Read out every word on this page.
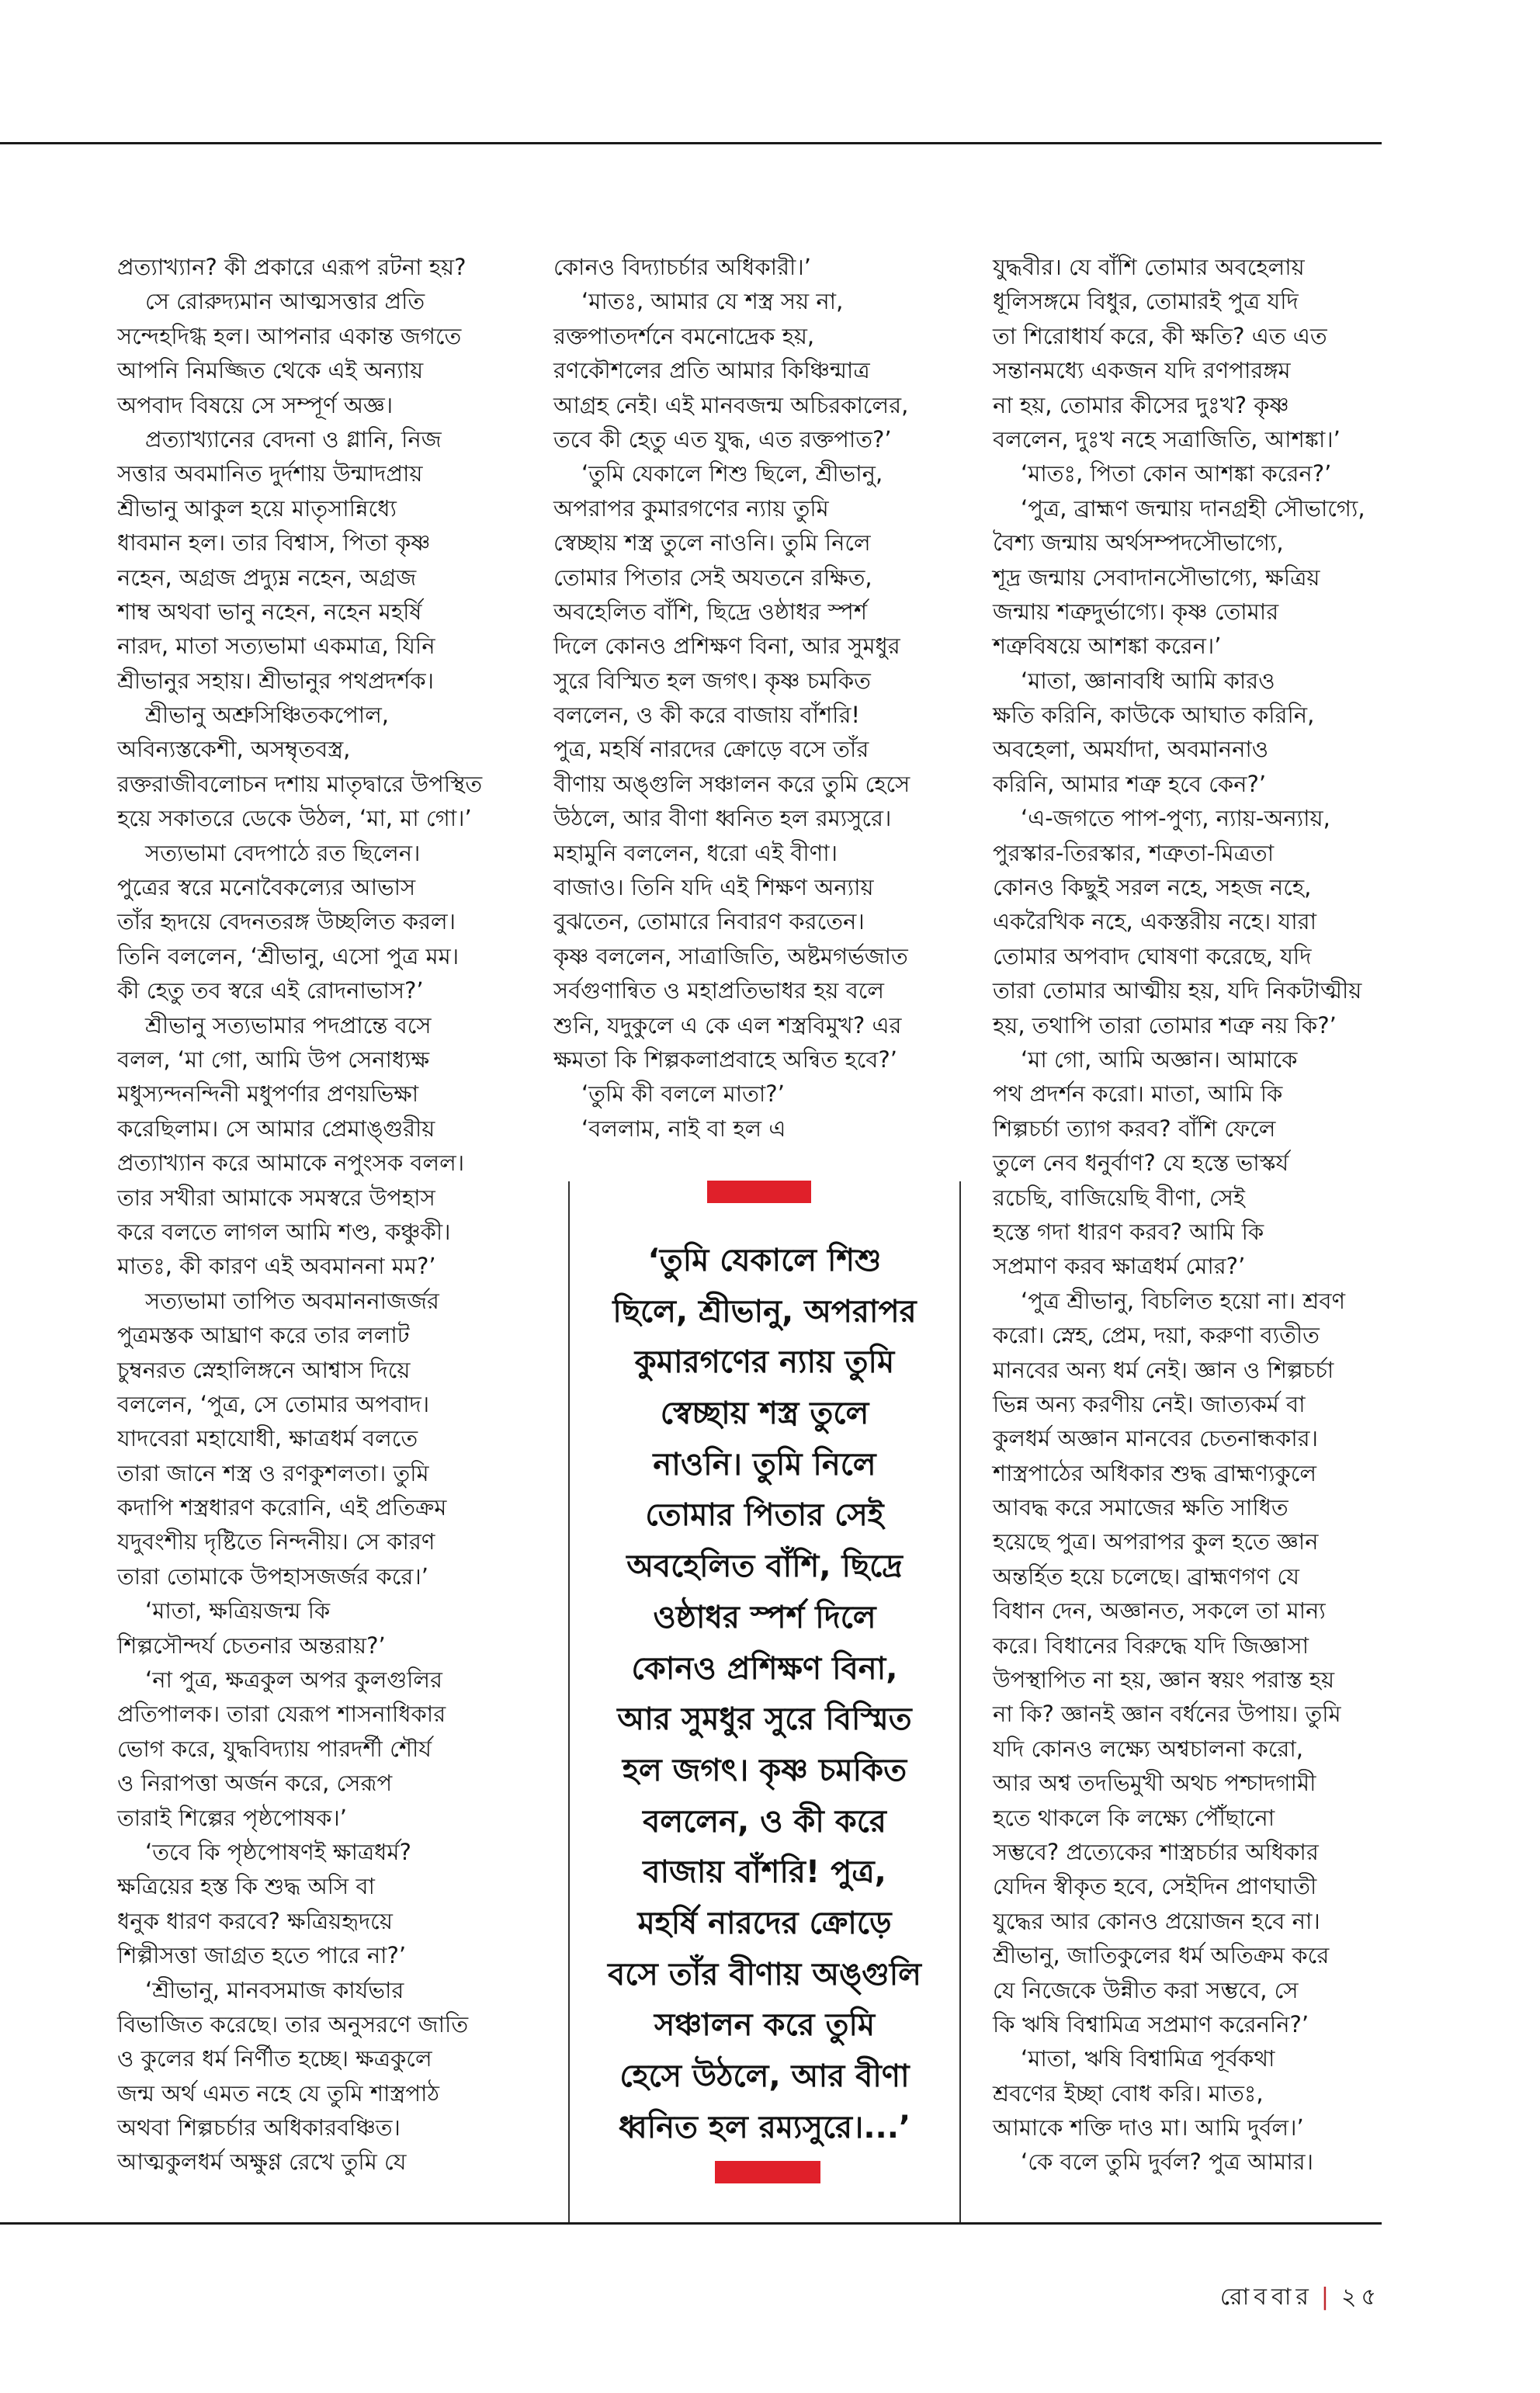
প্রত্যাখ্যান? কী প্রকারে এরূপ রটনা হয়?
সে রোরুদ্যমান আত্মসত্তার প্রতি
সন্দেহদিগ্ধ হল। আপনার একান্ত জগতে
আপনি নিমজ্জিত থেকে এই অন্যায়
অপবাদ বিষয়ে সে সম্পূর্ণ অজ্ঞ।
প্রত্যাখ্যানের বেদনা ও গ্লানি, নিজ
সত্তার অবমানিত দুর্দশায় উন্মাদপ্রায়
শ্রীভানু আকুল হয়ে মাতৃসান্নিধ্যে
ধাবমান হল। তার বিশ্বাস, পিতা কৃষ্ণ
নহেন, অগ্রজ প্রদ্যুম্ন নহেন, অগ্রজ
শাম্ব অথবা ভানু নহেন, নহেন মহর্ষি
নারদ, মাতা সত্যভামা একমাত্র, যিনি
শ্রীভানুর সহায়। শ্রীভানুর পথপ্রদর্শক।
শ্রীভানু অশ্রুসিঞ্চিতকপোল,
অবিন্যস্তকেশী, অসম্বৃতবস্ত্র,
রক্তরাজীবলোচন দশায় মাতৃদ্বারে উপস্থিত
হয়ে সকাতরে ডেকে উঠল, ‘মা, মা গো।’
সত্যভামা বেদপাঠে রত ছিলেন।
পুত্রের স্বরে মনোবৈকল্যের আভাস
তাঁর হৃদয়ে বেদনতরঙ্গ উচ্ছলিত করল।
তিনি বললেন, ‘শ্রীভানু, এসো পুত্র মম।
কী হেতু তব স্বরে এই রোদনাভাস?’
শ্রীভানু সত্যভামার পদপ্রান্তে বসে
বলল, ‘মা গো, আমি উপ সেনাধ্যক্ষ
মধুস্যন্দনন্দিনী মধুপর্ণার প্রণয়ভিক্ষা
করেছিলাম। সে আমার প্রেমাঙ্গুরীয়
প্রত্যাখ্যান করে আমাকে নপুংসক বলল।
তার সখীরা আমাকে সমস্বরে উপহাস
করে বলতে লাগল আমি শণ্ড, কঞ্চুকী।
মাতঃ, কী কারণ এই অবমাননা মম?’
সত্যভামা তাপিত অবমাননাজর্জর
পুত্রমস্তক আঘ্রাণ করে তার ললাট
চুম্বনরত স্নেহালিঙ্গনে আশ্বাস দিয়ে
বললেন, ‘পুত্র, সে তোমার অপবাদ।
যাদবেরা মহাযোধী, ক্ষাত্রধর্ম বলতে
তারা জানে শস্ত্র ও রণকুশলতা। তুমি
কদাপি শস্ত্রধারণ করোনি, এই প্রতিক্রম
যদুবংশীয় দৃষ্টিতে নিন্দনীয়। সে কারণ
তারা তোমাকে উপহাসজর্জর করে।’
‘মাতা, ক্ষত্রিয়জন্ম কি
শিল্পসৌন্দর্য চেতনার অন্তরায়?’
‘না পুত্র, ক্ষত্রকুল অপর কুলগুলির
প্রতিপালক। তারা যেরূপ শাসনাধিকার
ভোগ করে, যুদ্ধবিদ্যায় পারদর্শী শৌর্য
ও নিরাপত্তা অর্জন করে, সেরূপ
তারাই শিল্পের পৃষ্ঠপোষক।’
‘তবে কি পৃষ্ঠপোষণই ক্ষাত্রধর্ম?
ক্ষত্রিয়ের হস্ত কি শুদ্ধ অসি বা
ধনুক ধারণ করবে? ক্ষত্রিয়হৃদয়ে
শিল্পীসত্তা জাগ্রত হতে পারে না?’
‘শ্রীভানু, মানবসমাজ কার্যভার
বিভাজিত করেছে। তার অনুসরণে জাতি
ও কুলের ধর্ম নির্ণীত হচ্ছে। ক্ষত্রকুলে
জন্ম অর্থ এমত নহে যে তুমি শাস্ত্রপাঠ
অথবা শিল্পচর্চার অধিকারবঞ্চিত।
আত্মকুলধর্ম অক্ষুণ্ণ রেখে তুমি যে
কোনও বিদ্যাচর্চার অধিকারী।’
‘মাতঃ, আমার যে শস্ত্র সয় না,
রক্তপাতদর্শনে বমনোদ্রেক হয়,
রণকৌশলের প্রতি আমার কিঞ্চিন্মাত্র
আগ্রহ নেই। এই মানবজন্ম অচিরকালের,
তবে কী হেতু এত যুদ্ধ, এত রক্তপাত?’
‘তুমি যেকালে শিশু ছিলে, শ্রীভানু,
অপরাপর কুমারগণের ন্যায় তুমি
স্বেচ্ছায় শস্ত্র তুলে নাওনি। তুমি নিলে
তোমার পিতার সেই অযতনে রক্ষিত,
অবহেলিত বাঁশি, ছিদ্রে ওষ্ঠাধর স্পর্শ
দিলে কোনও প্রশিক্ষণ বিনা, আর সুমধুর
সুরে বিস্মিত হল জগৎ। কৃষ্ণ চমকিত
বললেন, ও কী করে বাজায় বাঁশরি!
পুত্র, মহর্ষি নারদের ক্রোড়ে বসে তাঁর
বীণায় অঙ্গুলি সঞ্চালন করে তুমি হেসে
উঠলে, আর বীণা ধ্বনিত হল রম্যসুরে।
মহামুনি বললেন, ধরো এই বীণা।
বাজাও। তিনি যদি এই শিক্ষণ অন্যায়
বুঝতেন, তোমারে নিবারণ করতেন।
কৃষ্ণ বললেন, সাত্রাজিতি, অষ্টমগর্ভজাত
সর্বগুণান্বিত ও মহাপ্রতিভাধর হয় বলে
শুনি, যদুকুলে এ কে এল শস্ত্রবিমুখ? এর
ক্ষমতা কি শিল্পকলাপ্রবাহে অন্বিত হবে?’
‘তুমি কী বললে মাতা?’
‘বললাম, নাই বা হল এ
যুদ্ধবীর। যে বাঁশি তোমার অবহেলায়
ধূলিসঙ্গমে বিধুর, তোমারই পুত্র যদি
তা শিরোধার্য করে, কী ক্ষতি? এত এত
সন্তানমধ্যে একজন যদি রণপারঙ্গম
না হয়, তোমার কীসের দুঃখ? কৃষ্ণ
বললেন, দুঃখ নহে সত্রাজিতি, আশঙ্কা।’
‘মাতঃ, পিতা কোন আশঙ্কা করেন?’
‘পুত্র, ব্রাহ্মণ জন্মায় দানগ্রহী সৌভাগ্যে,
বৈশ্য জন্মায় অর্থসম্পদসৌভাগ্যে,
শূদ্র জন্মায় সেবাদানসৌভাগ্যে, ক্ষত্রিয়
জন্মায় শত্রুদুর্ভাগ্যে। কৃষ্ণ তোমার
শত্রুবিষয়ে আশঙ্কা করেন।’
‘মাতা, জ্ঞানাবধি আমি কারও
ক্ষতি করিনি, কাউকে আঘাত করিনি,
অবহেলা, অমর্যাদা, অবমাননাও
করিনি, আমার শত্রু হবে কেন?’
‘এ-জগতে পাপ-পুণ্য, ন্যায়-অন্যায়,
পুরস্কার-তিরস্কার, শত্রুতা-মিত্রতা
কোনও কিছুই সরল নহে, সহজ নহে,
একরৈখিক নহে, একস্তরীয় নহে। যারা
তোমার অপবাদ ঘোষণা করেছে, যদি
তারা তোমার আত্মীয় হয়, যদি নিকটাত্মীয়
হয়, তথাপি তারা তোমার শত্রু নয় কি?’
‘মা গো, আমি অজ্ঞান। আমাকে
পথ প্রদর্শন করো। মাতা, আমি কি
শিল্পচর্চা ত্যাগ করব? বাঁশি ফেলে
তুলে নেব ধনুর্বাণ? যে হস্তে ভাস্কর্য
রচেছি, বাজিয়েছি বীণা, সেই
হস্তে গদা ধারণ করব? আমি কি
সপ্রমাণ করব ক্ষাত্রধর্ম মোর?’
‘পুত্র শ্রীভানু, বিচলিত হয়ো না। শ্রবণ
করো। স্নেহ, প্রেম, দয়া, করুণা ব্যতীত
মানবের অন্য ধর্ম নেই। জ্ঞান ও শিল্পচর্চা
ভিন্ন অন্য করণীয় নেই। জাত্যকর্ম বা
কুলধর্ম অজ্ঞান মানবের চেতনান্ধকার।
শাস্ত্রপাঠের অধিকার শুদ্ধ ব্রাহ্মণ্যকুলে
আবদ্ধ করে সমাজের ক্ষতি সাধিত
হয়েছে পুত্র। অপরাপর কুল হতে জ্ঞান
অন্তর্হিত হয়ে চলেছে। ব্রাহ্মণগণ যে
বিধান দেন, অজ্ঞানত, সকলে তা মান্য
করে। বিধানের বিরুদ্ধে যদি জিজ্ঞাসা
উপস্থাপিত না হয়, জ্ঞান স্বয়ং পরাস্ত হয়
না কি? জ্ঞানই জ্ঞান বর্ধনের উপায়। তুমি
যদি কোনও লক্ষ্যে অশ্বচালনা করো,
আর অশ্ব তদভিমুখী অথচ পশ্চাদগামী
হতে থাকলে কি লক্ষ্যে পৌঁছানো
সম্ভবে? প্রত্যেকের শাস্ত্রচর্চার অধিকার
যেদিন স্বীকৃত হবে, সেইদিন প্রাণঘাতী
যুদ্ধের আর কোনও প্রয়োজন হবে না।
শ্রীভানু, জাতিকুলের ধর্ম অতিক্রম করে
যে নিজেকে উন্নীত করা সম্ভবে, সে
কি ঋষি বিশ্বামিত্র সপ্রমাণ করেননি?’
‘মাতা, ঋষি বিশ্বামিত্র পূর্বকথা
শ্রবণের ইচ্ছা বোধ করি। মাতঃ,
আমাকে শক্তি দাও মা। আমি দুর্বল।’
‘কে বলে তুমি দুর্বল? পুত্র আমার।
‘তুমি যেকালে শিশু
ছিলে, শ্রীভানু, অপরাপর
কুমারগণের ন্যায় তুমি
স্বেচ্ছায় শস্ত্র তুলে
নাওনি। তুমি নিলে
তোমার পিতার সেই
অবহেলিত বাঁশি, ছিদ্রে
ওষ্ঠাধর স্পর্শ দিলে
কোনও প্রশিক্ষণ বিনা,
আর সুমধুর সুরে বিস্মিত
হল জগৎ। কৃষ্ণ চমকিত
বললেন, ও কী করে
বাজায় বাঁশরি! পুত্র,
মহর্ষি নারদের ক্রোড়ে
বসে তাঁর বীণায় অঙ্গুলি
সঞ্চালন করে তুমি
হেসে উঠলে, আর বীণা
ধ্বনিত হল রম্যসুরে।...’
রোববার | ২৫
